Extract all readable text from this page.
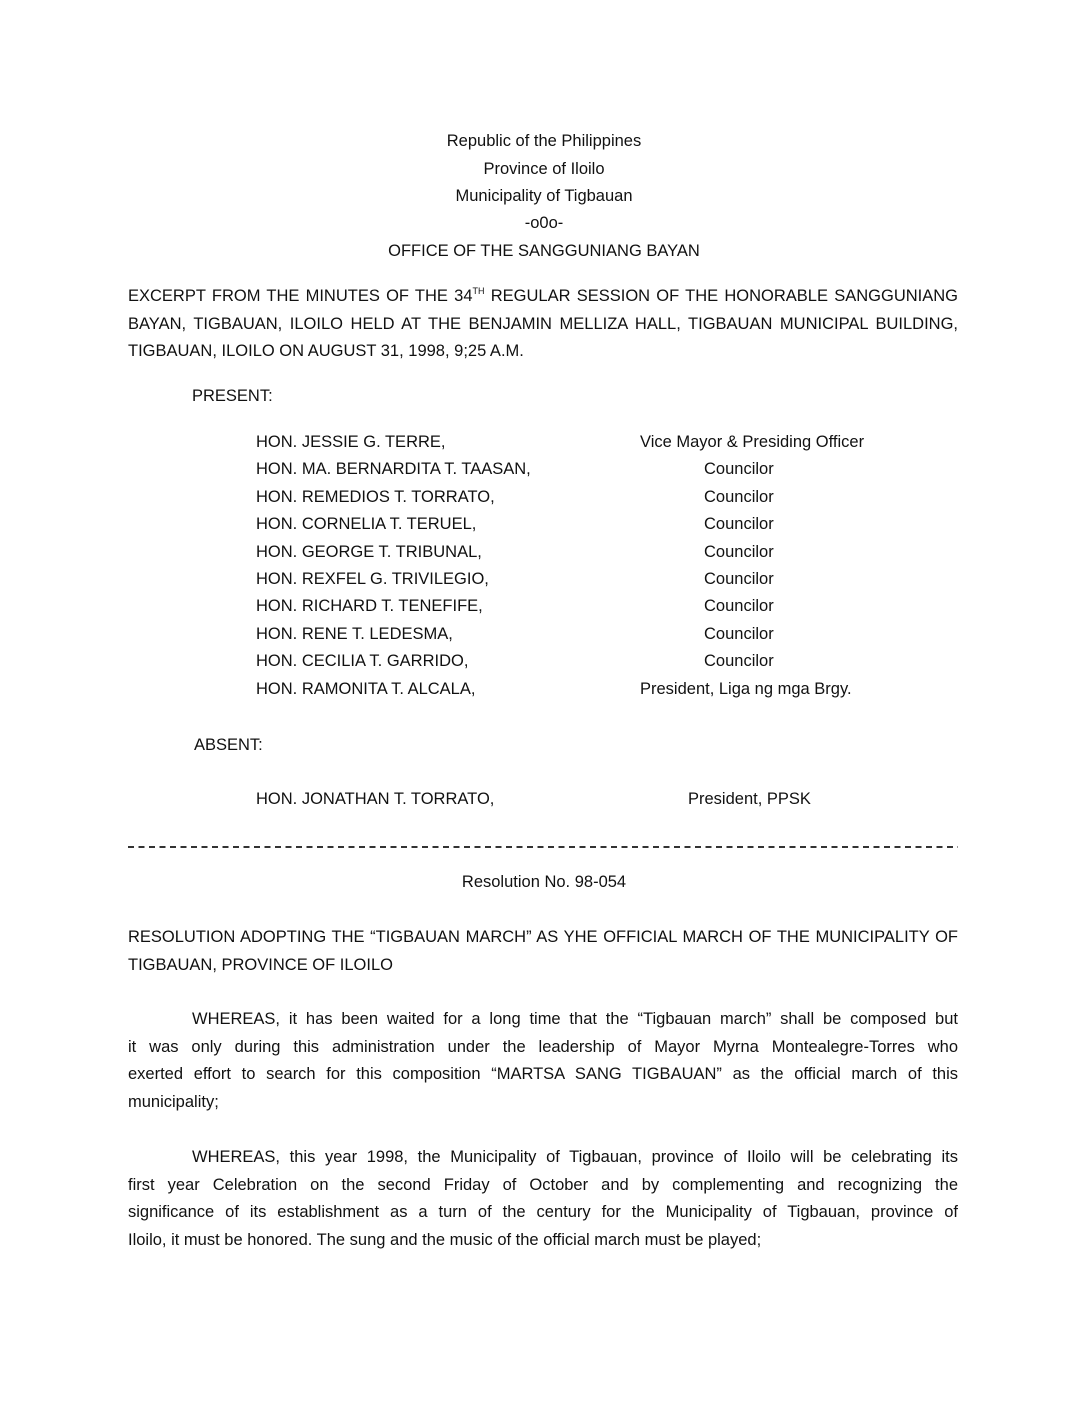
Republic of the Philippines
Province of Iloilo
Municipality of Tigbauan
-o0o-
OFFICE OF THE SANGGUNIANG BAYAN
EXCERPT FROM THE MINUTES OF THE 34TH REGULAR SESSION OF THE HONORABLE SANGGUNIANG
BAYAN, TIGBAUAN, ILOILO HELD AT THE BENJAMIN MELLIZA HALL, TIGBAUAN MUNICIPAL BUILDING,
TIGBAUAN, ILOILO ON AUGUST 31, 1998, 9;25 A.M.
PRESENT:
HON. JESSIE G. TERRE,	Vice Mayor & Presiding Officer
HON. MA. BERNARDITA T. TAASAN,	Councilor
HON. REMEDIOS T. TORRATO,	Councilor
HON. CORNELIA T. TERUEL,	Councilor
HON. GEORGE T. TRIBUNAL,	Councilor
HON. REXFEL G. TRIVILEGIO,	Councilor
HON. RICHARD T. TENEFIFE,	Councilor
HON. RENE T. LEDESMA,	Councilor
HON. CECILIA T. GARRIDO,	Councilor
HON. RAMONITA T. ALCALA,	President, Liga ng mga Brgy.
ABSENT:
HON. JONATHAN T. TORRATO,	President, PPSK
Resolution No. 98-054
RESOLUTION ADOPTING THE “TIGBAUAN MARCH” AS YHE OFFICIAL MARCH OF THE MUNICIPALITY OF
TIGBAUAN, PROVINCE OF ILOILO
WHEREAS, it has been waited for a long time that the “Tigbauan march” shall be composed but
it was only during this administration under the leadership of Mayor Myrna Montealegre-Torres who
exerted effort to search for this composition “MARTSA SANG TIGBAUAN” as the official march of this
municipality;
WHEREAS, this year 1998, the Municipality of Tigbauan, province of Iloilo will be celebrating its
first year Celebration on the second Friday of October and by complementing and recognizing the
significance of its establishment as a turn of the century for the Municipality of Tigbauan, province of
Iloilo, it must be honored. The sung and the music of the official march must be played;
